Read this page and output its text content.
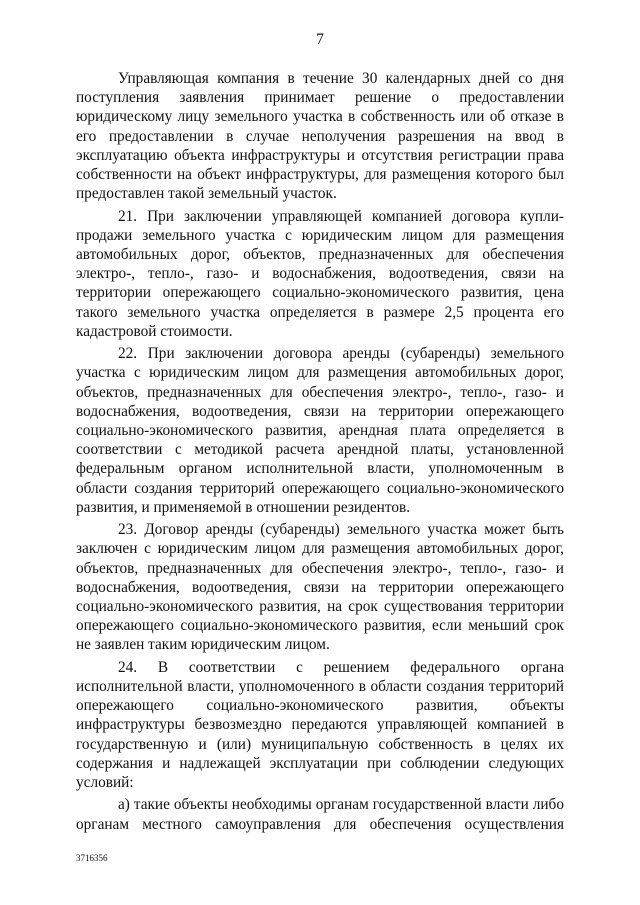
7

Управляющая компания в течение 30 календарных дней со дня поступления заявления принимает решение о предоставлении юридическому лицу земельного участка в собственность или об отказе в его предоставлении в случае неполучения разрешения на ввод в эксплуатацию объекта инфраструктуры и отсутствия регистрации права собственности на объект инфраструктуры, для размещения которого был предоставлен такой земельный участок.

21. При заключении управляющей компанией договора купли-продажи земельного участка с юридическим лицом для размещения автомобильных дорог, объектов, предназначенных для обеспечения электро-, тепло-, газо- и водоснабжения, водоотведения, связи на территории опережающего социально-экономического развития, цена такого земельного участка определяется в размере 2,5 процента его кадастровой стоимости.

22. При заключении договора аренды (субаренды) земельного участка с юридическим лицом для размещения автомобильных дорог, объектов, предназначенных для обеспечения электро-, тепло-, газо- и водоснабжения, водоотведения, связи на территории опережающего социально-экономического развития, арендная плата определяется в соответствии с методикой расчета арендной платы, установленной федеральным органом исполнительной власти, уполномоченным в области создания территорий опережающего социально-экономического развития, и применяемой в отношении резидентов.

23. Договор аренды (субаренды) земельного участка может быть заключен с юридическим лицом для размещения автомобильных дорог, объектов, предназначенных для обеспечения электро-, тепло-, газо- и водоснабжения, водоотведения, связи на территории опережающего социально-экономического развития, на срок существования территории опережающего социально-экономического развития, если меньший срок не заявлен таким юридическим лицом.

24. В соответствии с решением федерального органа исполнительной власти, уполномоченного в области создания территорий опережающего социально-экономического развития, объекты инфраструктуры безвозмездно передаются управляющей компанией в государственную и (или) муниципальную собственность в целях их содержания и надлежащей эксплуатации при соблюдении следующих условий:

а) такие объекты необходимы органам государственной власти либо органам местного самоуправления для обеспечения осуществления

3716356
